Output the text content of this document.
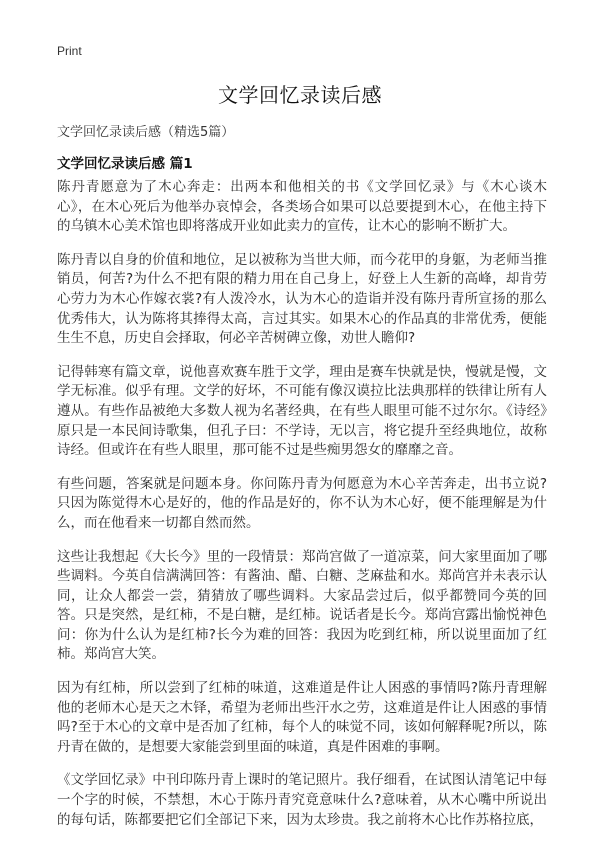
Print
文学回忆录读后感
文学回忆录读后感（精选5篇）
文学回忆录读后感 篇1

陈丹青愿意为了木心奔走：出两本和他相关的书《文学回忆录》与《木心谈木心》，在木心死后为他举办哀悼会，各类场合如果可以总要提到木心，在他主持下的乌镇木心美术馆也即将落成开业如此卖力的宣传，让木心的影响不断扩大。

陈丹青以自身的价值和地位，足以被称为当世大师，而今花甲的身躯，为老师当推销员，何苦?为什么不把有限的精力用在自己身上，好登上人生新的高峰，却肯劳心劳力为木心作嫁衣裳?有人泼冷水，认为木心的造诣并没有陈丹青所宣扬的那么优秀伟大，认为陈将其捧得太高，言过其实。如果木心的作品真的非常优秀，便能生生不息，历史自会择取，何必辛苦树碑立像，劝世人瞻仰?

记得韩寒有篇文章，说他喜欢赛车胜于文学，理由是赛车快就是快，慢就是慢，文学无标准。似乎有理。文学的好坏，不可能有像汉谟拉比法典那样的铁律让所有人遵从。有些作品被绝大多数人视为名著经典，在有些人眼里可能不过尔尔。《诗经》原只是一本民间诗歌集，但孔子曰：不学诗，无以言，将它提升至经典地位，故称诗经。但或许在有些人眼里，那可能不过是些痴男怨女的靡靡之音。

有些问题，答案就是问题本身。你问陈丹青为何愿意为木心辛苦奔走，出书立说?只因为陈觉得木心是好的，他的作品是好的，你不认为木心好，便不能理解是为什么，而在他看来一切都自然而然。

这些让我想起《大长今》里的一段情景：郑尚宫做了一道凉菜，问大家里面加了哪些调料。今英自信满满回答：有酱油、醋、白糖、芝麻盐和水。郑尚宫并未表示认同，让众人都尝一尝，猜猜放了哪些调料。大家品尝过后，似乎都赞同今英的回答。只是突然，是红柿，不是白糖，是红柿。说话者是长今。郑尚宫露出愉悦神色问：你为什么认为是红柿?长今为难的回答：我因为吃到红柿，所以说里面加了红柿。郑尚宫大笑。

因为有红柿，所以尝到了红柿的味道，这难道是件让人困惑的事情吗?陈丹青理解他的老师木心是天之木铎，希望为老师出些汗水之劳，这难道是件让人困惑的事情吗?至于木心的文章中是否加了红柿，每个人的味觉不同，该如何解释呢?所以，陈丹青在做的，是想要大家能尝到里面的味道，真是件困难的事啊。

《文学回忆录》中刊印陈丹青上课时的笔记照片。我仔细看，在试图认清笔记中每一个字的时候，不禁想，木心于陈丹青究竟意味什么?意味着，从木心嘴中所说出的每句话，陈都要把它们全部记下来，因为太珍贵。我之前将木心比作苏格拉底，
